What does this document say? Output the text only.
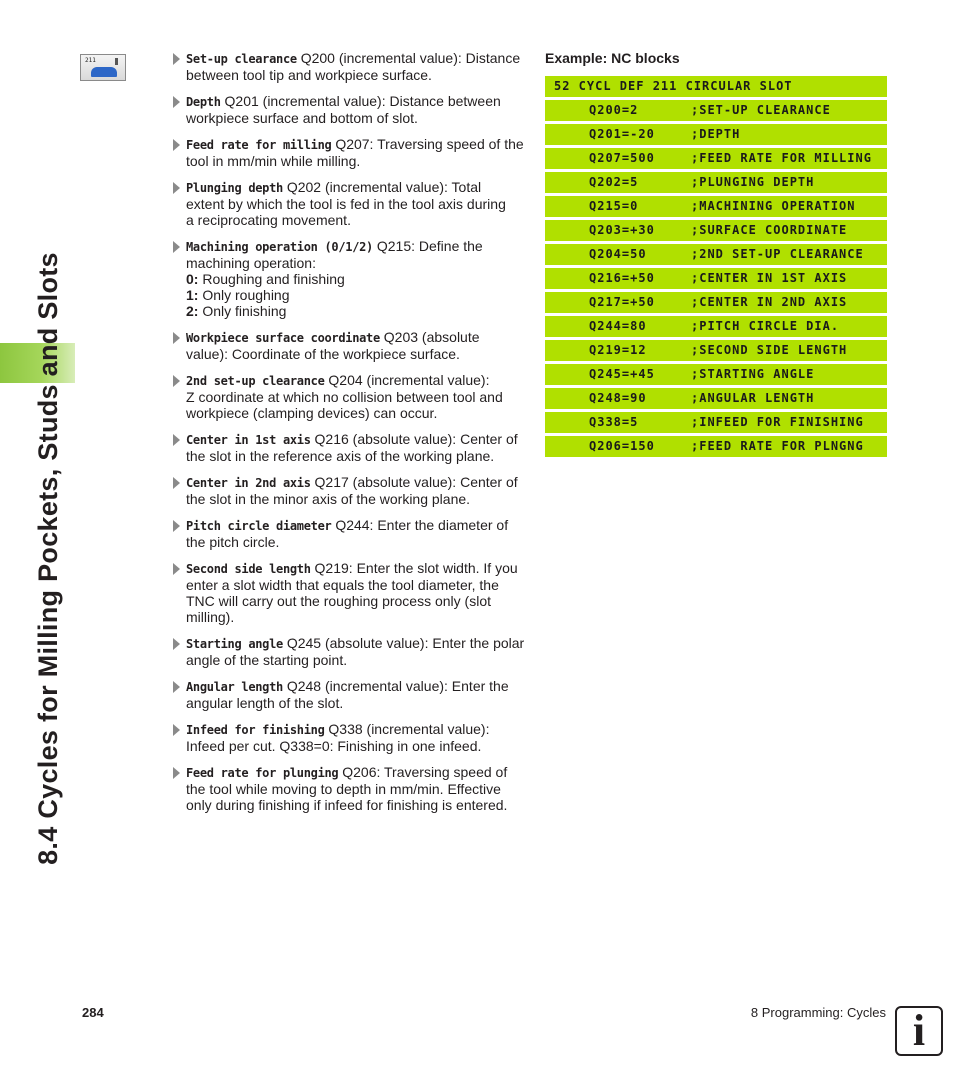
8.4 Cycles for Milling Pockets, Studs and Slots
211	Set-up clearance Q200 (incremental value): Distance
between tool tip and workpiece surface.
Depth Q201 (incremental value): Distance between
workpiece surface and bottom of slot.
Feed rate for milling Q207: Traversing speed of the
tool in mm/min while milling.
Plunging depth Q202 (incremental value): Total
extent by which the tool is fed in the tool axis during
a reciprocating movement.
Machining operation (0/1/2) Q215: Define the
machining operation:
0: Roughing and finishing
1: Only roughing
2: Only finishing
Workpiece surface coordinate Q203 (absolute
value): Coordinate of the workpiece surface.
2nd set-up clearance Q204 (incremental value):
Z coordinate at which no collision between tool and
workpiece (clamping devices) can occur.
Center in 1st axis Q216 (absolute value): Center of
the slot in the reference axis of the working plane.
Center in 2nd axis Q217 (absolute value): Center of
the slot in the minor axis of the working plane.
Pitch circle diameter Q244: Enter the diameter of
the pitch circle.
Second side length Q219: Enter the slot width. If you
enter a slot width that equals the tool diameter, the
TNC will carry out the roughing process only (slot
milling).
Starting angle Q245 (absolute value): Enter the polar
angle of the starting point.
Angular length Q248 (incremental value): Enter the
angular length of the slot.
Infeed for finishing Q338 (incremental value):
Infeed per cut. Q338=0: Finishing in one infeed.
Feed rate for plunging Q206: Traversing speed of
the tool while moving to depth in mm/min. Effective
only during finishing if infeed for finishing is entered.
Example: NC blocks
52 CYCL DEF 211 CIRCULAR SLOT
Q200=2	;SET-UP CLEARANCE
Q201=-20	;DEPTH
Q207=500	;FEED RATE FOR MILLING
Q202=5	;PLUNGING DEPTH
Q215=0	;MACHINING OPERATION
Q203=+30	;SURFACE COORDINATE
Q204=50	;2ND SET-UP CLEARANCE
Q216=+50	;CENTER IN 1ST AXIS
Q217=+50	;CENTER IN 2ND AXIS
Q244=80	;PITCH CIRCLE DIA.
Q219=12	;SECOND SIDE LENGTH
Q245=+45	;STARTING ANGLE
Q248=90	;ANGULAR LENGTH
Q338=5	;INFEED FOR FINISHING
Q206=150	;FEED RATE FOR PLNGNG
284	8 Programming: Cycles i
